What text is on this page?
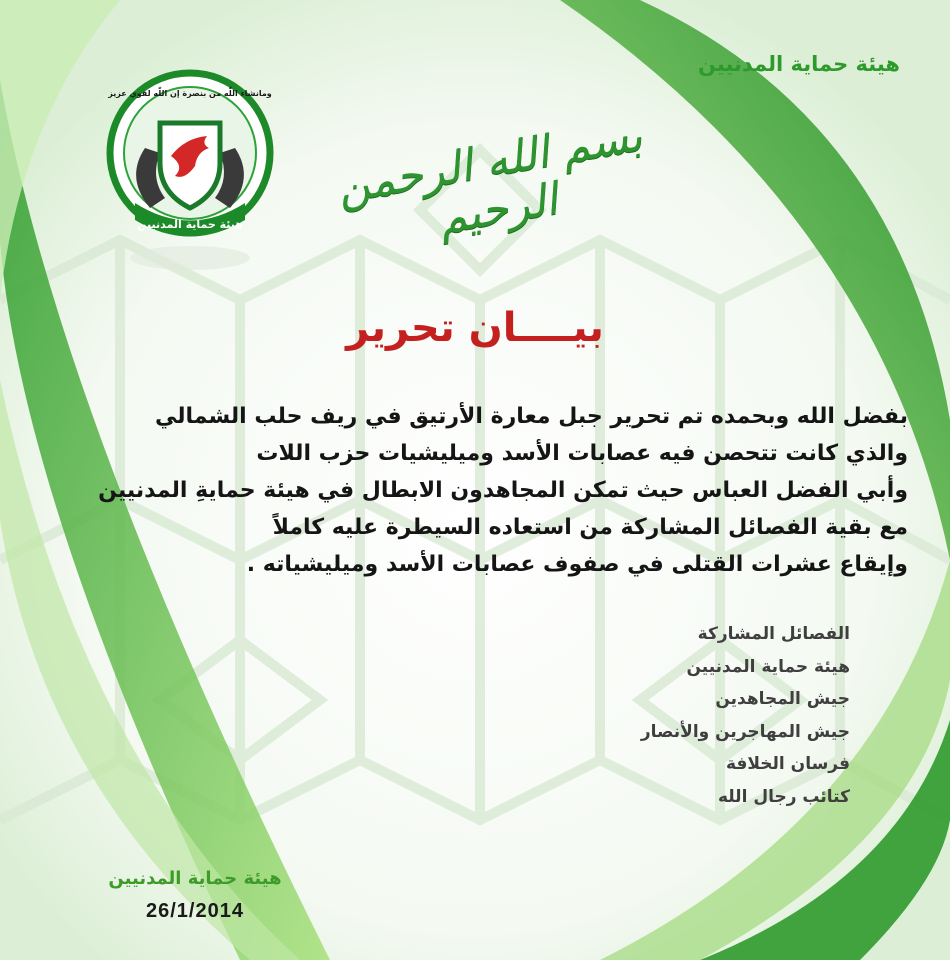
هيئة حماية المدنيين
ومانشاء اللّٰه من بنصرة إن اللّٰه لقوي عزيز
هيئة حماية المدنيين
بسم الله الرحمن الرحيم
بيــــان تحرير
بفضل الله وبحمده تم تحرير جبل معارة الأرتيق في ريف حلب الشمالي
والذي كانت تتحصن فيه عصابات الأسد وميليشيات حزب اللات
وأبي الفضل العباس حيث تمكن المجاهدون الابطال في هيئة حمايةِ المدنيين
مع بقية الفصائل المشاركة من استعاده السيطرة عليه كاملاً
وإيقاع عشرات القتلى في صفوف عصابات الأسد وميليشياته .
الفصائل المشاركة
هيئة حماية المدنيين
جيش المجاهدين
جيش المهاجرين والأنصار
فرسان الخلافة
كتائب رجال الله
هيئة حماية المدنيين
26/1/2014
